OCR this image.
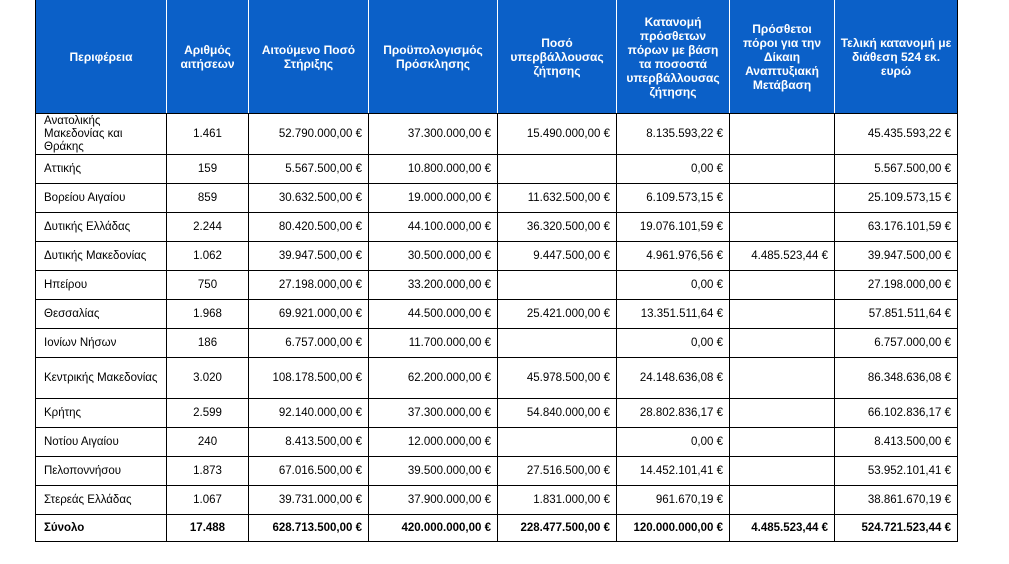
Περιφέρεια	Αριθμός αιτήσεων	Αιτούμενο Ποσό Στήριξης	Προϋπολογισμός Πρόσκλησης	Ποσό υπερβάλλουσας ζήτησης	Κατανομή πρόσθετων πόρων με βάση τα ποσοστά υπερβάλλουσας ζήτησης	Πρόσθετοι πόροι για την Δίκαιη Αναπτυξιακή Μετάβαση	Τελική κατανομή με διάθεση 524 εκ. ευρώ
Ανατολικής Μακεδονίας και Θράκης	1.461	52.790.000,00 €	37.300.000,00 €	15.490.000,00 €	8.135.593,22 €		45.435.593,22 €
Αττικής	159	5.567.500,00 €	10.800.000,00 €		0,00 €		5.567.500,00 €
Βορείου Αιγαίου	859	30.632.500,00 €	19.000.000,00 €	11.632.500,00 €	6.109.573,15 €		25.109.573,15 €
Δυτικής Ελλάδας	2.244	80.420.500,00 €	44.100.000,00 €	36.320.500,00 €	19.076.101,59 €		63.176.101,59 €
Δυτικής Μακεδονίας	1.062	39.947.500,00 €	30.500.000,00 €	9.447.500,00 €	4.961.976,56 €	4.485.523,44 €	39.947.500,00 €
Ηπείρου	750	27.198.000,00 €	33.200.000,00 €		0,00 €		27.198.000,00 €
Θεσσαλίας	1.968	69.921.000,00 €	44.500.000,00 €	25.421.000,00 €	13.351.511,64 €		57.851.511,64 €
Ιονίων Νήσων	186	6.757.000,00 €	11.700.000,00 €		0,00 €		6.757.000,00 €
Κεντρικής Μακεδονίας	3.020	108.178.500,00 €	62.200.000,00 €	45.978.500,00 €	24.148.636,08 €		86.348.636,08 €
Κρήτης	2.599	92.140.000,00 €	37.300.000,00 €	54.840.000,00 €	28.802.836,17 €		66.102.836,17 €
Νοτίου Αιγαίου	240	8.413.500,00 €	12.000.000,00 €		0,00 €		8.413.500,00 €
Πελοποννήσου	1.873	67.016.500,00 €	39.500.000,00 €	27.516.500,00 €	14.452.101,41 €		53.952.101,41 €
Στερεάς Ελλάδας	1.067	39.731.000,00 €	37.900.000,00 €	1.831.000,00 €	961.670,19 €		38.861.670,19 €
Σύνολο	17.488	628.713.500,00 €	420.000.000,00 €	228.477.500,00 €	120.000.000,00 €	4.485.523,44 €	524.721.523,44 €
